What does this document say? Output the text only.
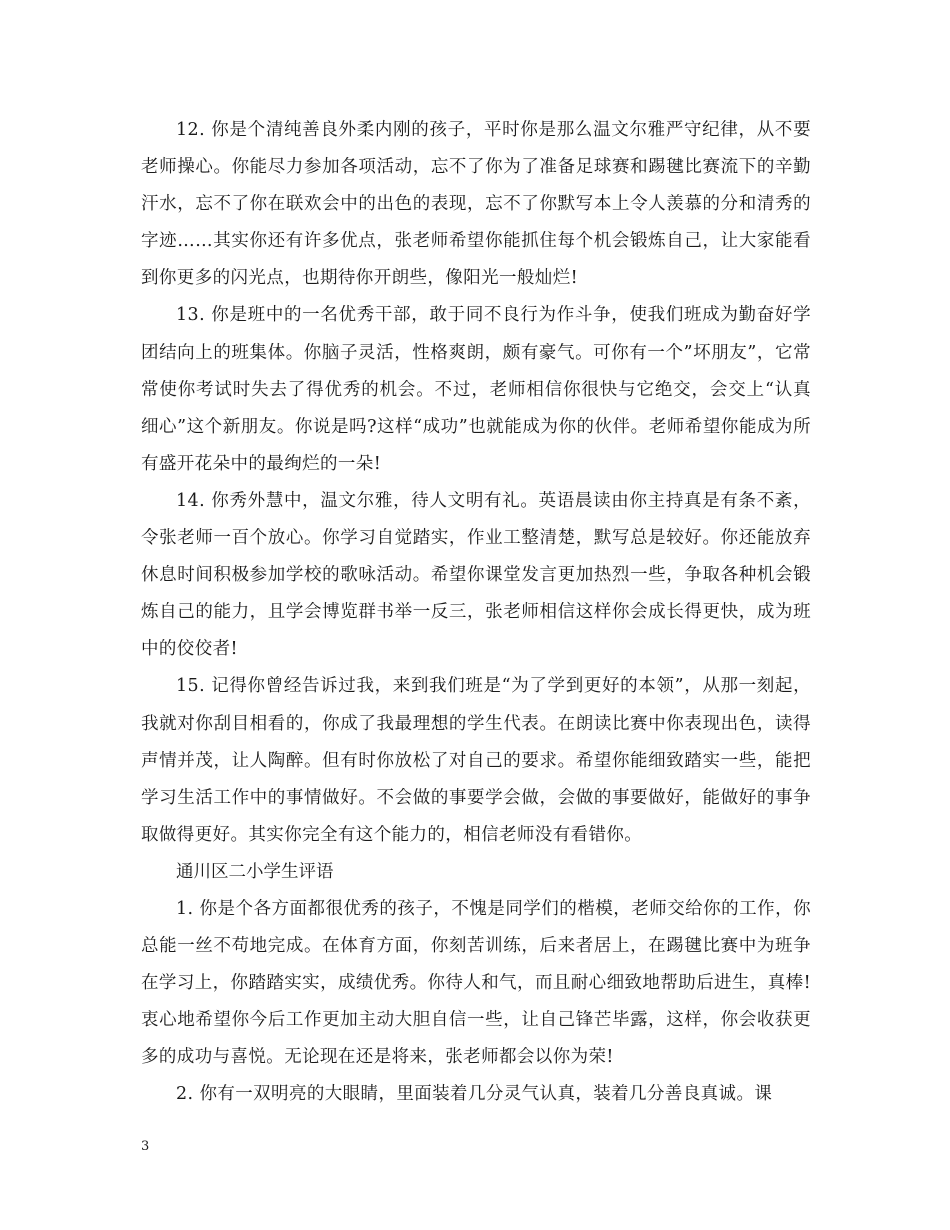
12. 你是个清纯善良外柔内刚的孩子，平时你是那么温文尔雅严守纪律，从不要老师操心。你能尽力参加各项活动，忘不了你为了准备足球赛和踢毽比赛流下的辛勤汗水，忘不了你在联欢会中的出色的表现，忘不了你默写本上令人羡慕的分和清秀的字迹……其实你还有许多优点，张老师希望你能抓住每个机会锻炼自己，让大家能看到你更多的闪光点，也期待你开朗些，像阳光一般灿烂!

13. 你是班中的一名优秀干部，敢于同不良行为作斗争，使我们班成为勤奋好学团结向上的班集体。你脑子灵活，性格爽朗，颇有豪气。可你有一个”坏朋友”，它常常使你考试时失去了得优秀的机会。不过，老师相信你很快与它绝交，会交上“认真细心”这个新朋友。你说是吗?这样“成功”也就能成为你的伙伴。老师希望你能成为所有盛开花朵中的最绚烂的一朵!

14. 你秀外慧中，温文尔雅，待人文明有礼。英语晨读由你主持真是有条不紊，令张老师一百个放心。你学习自觉踏实，作业工整清楚，默写总是较好。你还能放弃休息时间积极参加学校的歌咏活动。希望你课堂发言更加热烈一些，争取各种机会锻炼自己的能力，且学会博览群书举一反三，张老师相信这样你会成长得更快，成为班中的佼佼者!

15. 记得你曾经告诉过我，来到我们班是“为了学到更好的本领”，从那一刻起，我就对你刮目相看的，你成了我最理想的学生代表。在朗读比赛中你表现出色，读得声情并茂，让人陶醉。但有时你放松了对自己的要求。希望你能细致踏实一些，能把学习生活工作中的事情做好。不会做的事要学会做，会做的事要做好，能做好的事争取做得更好。其实你完全有这个能力的，相信老师没有看错你。

通川区二小学生评语

1. 你是个各方面都很优秀的孩子，不愧是同学们的楷模，老师交给你的工作，你总能一丝不苟地完成。在体育方面，你刻苦训练，后来者居上，在踢毽比赛中为班争在学习上，你踏踏实实，成绩优秀。你待人和气，而且耐心细致地帮助后进生，真棒!衷心地希望你今后工作更加主动大胆自信一些，让自己锋芒毕露，这样，你会收获更多的成功与喜悦。无论现在还是将来，张老师都会以你为荣!

2. 你有一双明亮的大眼睛，里面装着几分灵气认真，装着几分善良真诚。课

3
